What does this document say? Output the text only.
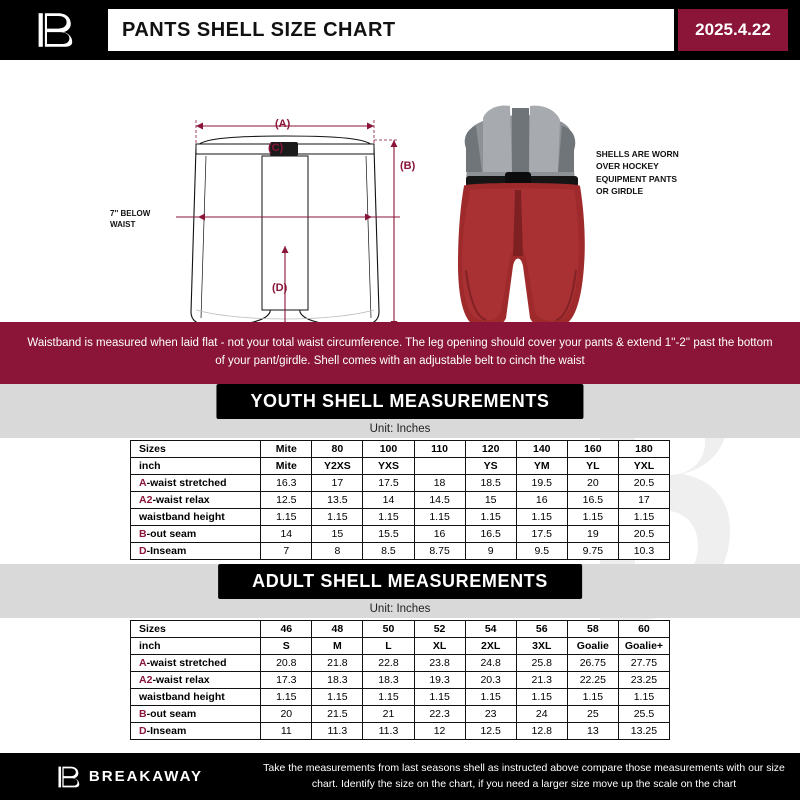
PANTS SHELL SIZE CHART	2025.4.22
7'' BELOW
WAIST
SHELLS ARE WORN
OVER HOCKEY
EQUIPMENT PANTS
OR GIRDLE
(A)
(B)
(C)
(D)

Waistband is measured when laid flat - not your total waist circumference. The leg opening should cover your pants & extend 1''-2'' past the bottom of your pant/girdle. Shell comes with an adjustable belt to cinch the waist

YOUTH SHELL MEASUREMENTS
Unit: Inches
Sizes	Mite	80	100	110	120	140	160	180
inch	Mite	Y2XS	YXS		YS	YM	YL	YXL
A-waist stretched	16.3	17	17.5	18	18.5	19.5	20	20.5
A2-waist relax	12.5	13.5	14	14.5	15	16	16.5	17
waistband height	1.15	1.15	1.15	1.15	1.15	1.15	1.15	1.15
B-out seam	14	15	15.5	16	16.5	17.5	19	20.5
D-Inseam	7	8	8.5	8.75	9	9.5	9.75	10.3
ADULT SHELL MEASUREMENTS
Unit: Inches
Sizes	46	48	50	52	54	56	58	60
inch	S	M	L	XL	2XL	3XL	Goalie	Goalie+
A-waist stretched	20.8	21.8	22.8	23.8	24.8	25.8	26.75	27.75
A2-waist relax	17.3	18.3	18.3	19.3	20.3	21.3	22.25	23.25
waistband height	1.15	1.15	1.15	1.15	1.15	1.15	1.15	1.15
B-out seam	20	21.5	21	22.3	23	24	25	25.5
D-Inseam	11	11.3	11.3	12	12.5	12.8	13	13.25
BREAKAWAY	Take the measurements from last seasons shell as instructed above compare those measurements with our size chart. Identify the size on the chart, if you need a larger size move up the scale on the chart
